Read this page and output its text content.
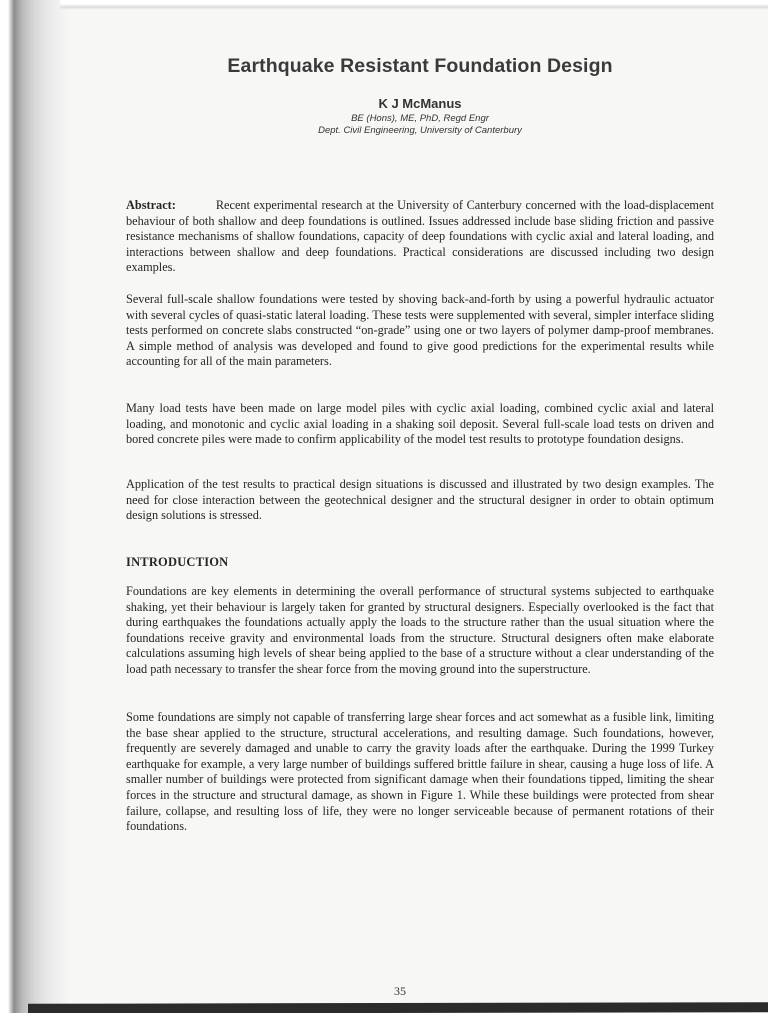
Earthquake Resistant Foundation Design
K J McManus
BE (Hons), ME, PhD, Regd Engr
Dept. Civil Engineering, University of Canterbury

Abstract:	Recent experimental research at the University of Canterbury concerned with the load-displacement behaviour of both shallow and deep foundations is outlined. Issues addressed include base sliding friction and passive resistance mechanisms of shallow foundations, capacity of deep foundations with cyclic axial and lateral loading, and interactions between shallow and deep foundations. Practical considerations are discussed including two design examples.

Several full-scale shallow foundations were tested by shoving back-and-forth by using a powerful hydraulic actuator with several cycles of quasi-static lateral loading. These tests were supplemented with several, simpler interface sliding tests performed on concrete slabs constructed “on-grade” using one or two layers of polymer damp-proof membranes. A simple method of analysis was developed and found to give good predictions for the experimental results while accounting for all of the main parameters.

Many load tests have been made on large model piles with cyclic axial loading, combined cyclic axial and lateral loading, and monotonic and cyclic axial loading in a shaking soil deposit. Several full-scale load tests on driven and bored concrete piles were made to confirm applicability of the model test results to prototype foundation designs.

Application of the test results to practical design situations is discussed and illustrated by two design examples. The need for close interaction between the geotechnical designer and the structural designer in order to obtain optimum design solutions is stressed.

INTRODUCTION

Foundations are key elements in determining the overall performance of structural systems subjected to earthquake shaking, yet their behaviour is largely taken for granted by structural designers. Especially overlooked is the fact that during earthquakes the foundations actually apply the loads to the structure rather than the usual situation where the foundations receive gravity and environmental loads from the structure. Structural designers often make elaborate calculations assuming high levels of shear being applied to the base of a structure without a clear understanding of the load path necessary to transfer the shear force from the moving ground into the superstructure.

Some foundations are simply not capable of transferring large shear forces and act somewhat as a fusible link, limiting the base shear applied to the structure, structural accelerations, and resulting damage. Such foundations, however, frequently are severely damaged and unable to carry the gravity loads after the earthquake. During the 1999 Turkey earthquake for example, a very large number of buildings suffered brittle failure in shear, causing a huge loss of life. A smaller number of buildings were protected from significant damage when their foundations tipped, limiting the shear forces in the structure and structural damage, as shown in Figure 1. While these buildings were protected from shear failure, collapse, and resulting loss of life, they were no longer serviceable because of permanent rotations of their foundations.

35
